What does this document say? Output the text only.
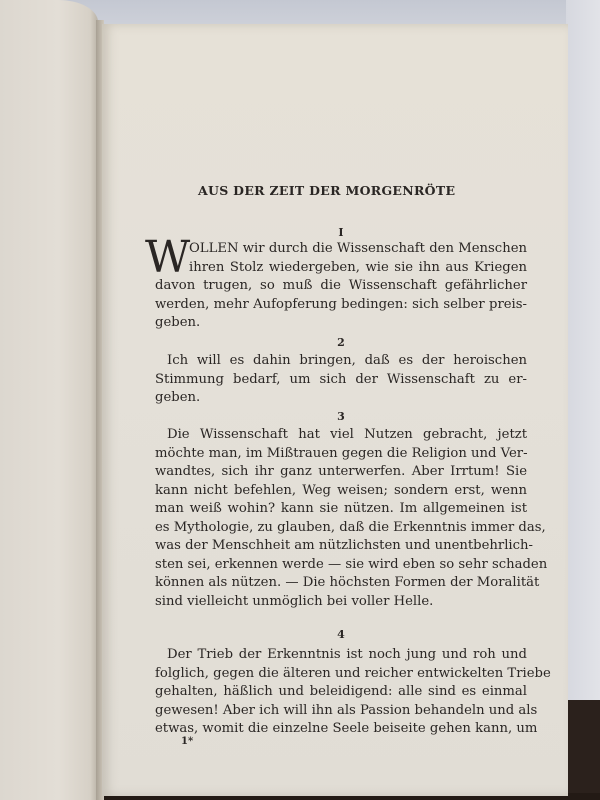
AUS DER ZEIT DER MORGENRÖTE
I
W
OLLEN wir durch die Wissenschaft den Menschen
ihren Stolz wiedergeben, wie sie ihn aus Kriegen
davon trugen, so muß die Wissenschaft gefährlicher
werden, mehr Aufopferung bedingen: sich selber preis-
geben.
2
Ich will es dahin bringen, daß es der heroischen
Stimmung bedarf, um sich der Wissenschaft zu er-
geben.
3
Die Wissenschaft hat viel Nutzen gebracht, jetzt
möchte man, im Mißtrauen gegen die Religion und Ver-
wandtes, sich ihr ganz unterwerfen. Aber Irrtum! Sie
kann nicht befehlen, Weg weisen; sondern erst, wenn
man weiß wohin? kann sie nützen. Im allgemeinen ist
es Mythologie, zu glauben, daß die Erkenntnis immer das,
was der Menschheit am nützlichsten und unentbehrlich-
sten sei, erkennen werde — sie wird eben so sehr schaden
können als nützen. — Die höchsten Formen der Moralität
sind vielleicht unmöglich bei voller Helle.
4
Der Trieb der Erkenntnis ist noch jung und roh und
folglich, gegen die älteren und reicher entwickelten Triebe
gehalten, häßlich und beleidigend: alle sind es einmal
gewesen! Aber ich will ihn als Passion behandeln und als
etwas, womit die einzelne Seele beiseite gehen kann, um
1*
